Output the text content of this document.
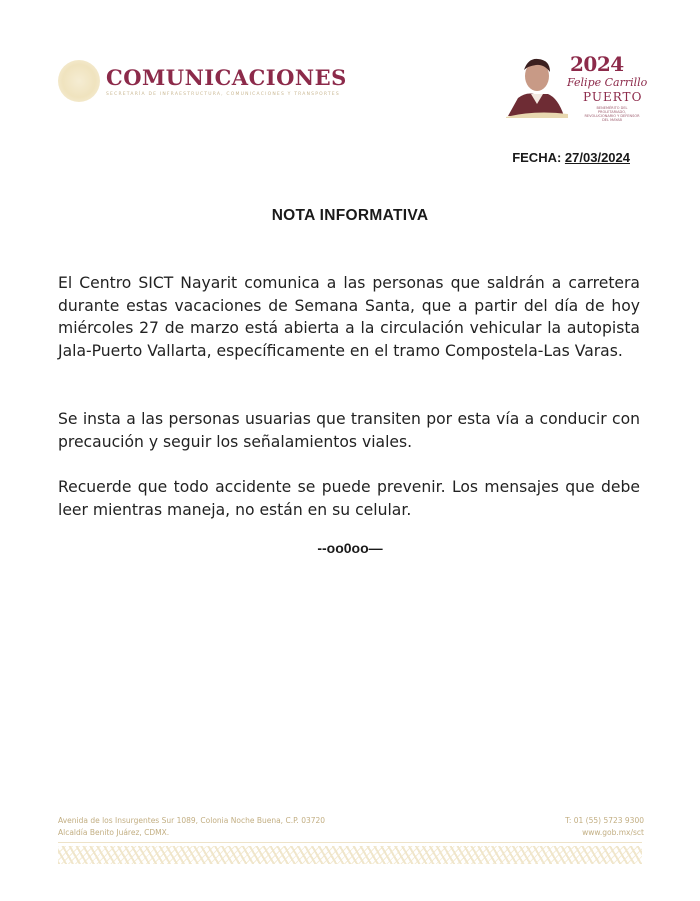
COMUNICACIONES
SECRETARÍA DE INFRAESTRUCTURA, COMUNICACIONES Y TRANSPORTES
2024
Felipe Carrillo
PUERTO
BENEMÉRITO DEL PROLETARIADO, REVOLUCIONARIO Y DEFENSOR DEL MAYAB
FECHA: 27/03/2024
NOTA INFORMATIVA
El Centro SICT Nayarit comunica a las personas que saldrán a carretera durante estas vacaciones de Semana Santa, que a partir del día de hoy miércoles 27 de marzo está abierta a la circulación vehicular la autopista Jala-Puerto Vallarta, específicamente en el tramo Compostela-Las Varas.
Se insta a las personas usuarias que transiten por esta vía a conducir con precaución y seguir los señalamientos viales.
Recuerde que todo accidente se puede prevenir. Los mensajes que debe leer mientras maneja, no están en su celular.
--oo0oo—
Avenida de los Insurgentes Sur 1089, Colonia Noche Buena, C.P. 03720
Alcaldía Benito Juárez, CDMX.
T: 01 (55) 5723 9300
www.gob.mx/sct
